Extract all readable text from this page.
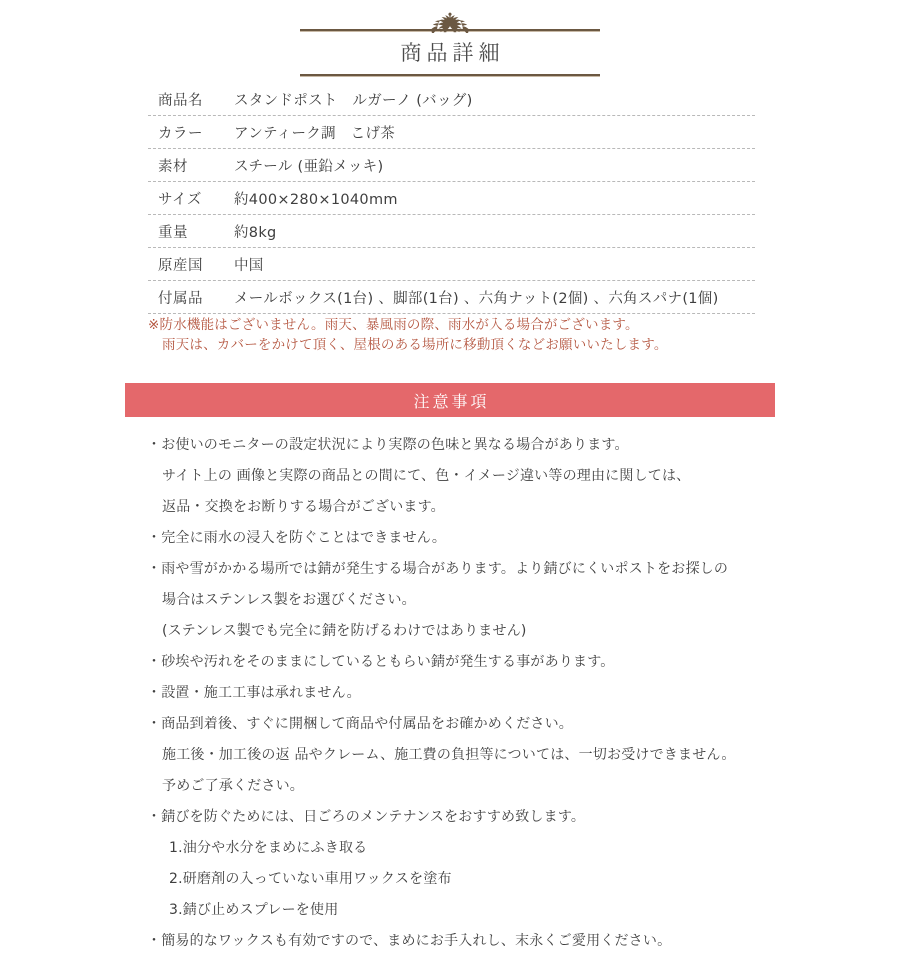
商品詳細
商品名	スタンドポスト　ルガーノ (バッグ)
カラー	アンティーク調　こげ茶
素材	スチール (亜鉛メッキ)
サイズ	約400×280×1040mm
重量	約8kg
原産国	中国
付属品	メールボックス(1台) 、脚部(1台) 、六角ナット(2個) 、六角スパナ(1個)
※防水機能はございません。雨天、暴風雨の際、雨水が入る場合がございます。
雨天は、カバーをかけて頂く、屋根のある場所に移動頂くなどお願いいたします。
注意事項
・お使いのモニターの設定状況により実際の色味と異なる場合があります。
サイト上の 画像と実際の商品との間にて、色・イメージ違い等の理由に関しては、
返品・交換をお断りする場合がございます。
・完全に雨水の浸入を防ぐことはできません。
・雨や雪がかかる場所では錆が発生する場合があります。より錆びにくいポストをお探しの
場合はステンレス製をお選びください。
(ステンレス製でも完全に錆を防げるわけではありません)
・砂埃や汚れをそのままにしているともらい錆が発生する事があります。
・設置・施工工事は承れません。
・商品到着後、すぐに開梱して商品や付属品をお確かめください。
施工後・加工後の返 品やクレーム、施工費の負担等については、一切お受けできません。
予めご了承ください。
・錆びを防ぐためには、日ごろのメンテナンスをおすすめ致します。
1.油分や水分をまめにふき取る
2.研磨剤の入っていない車用ワックスを塗布
3.錆び止めスプレーを使用
・簡易的なワックスも有効ですので、まめにお手入れし、末永くご愛用ください。
